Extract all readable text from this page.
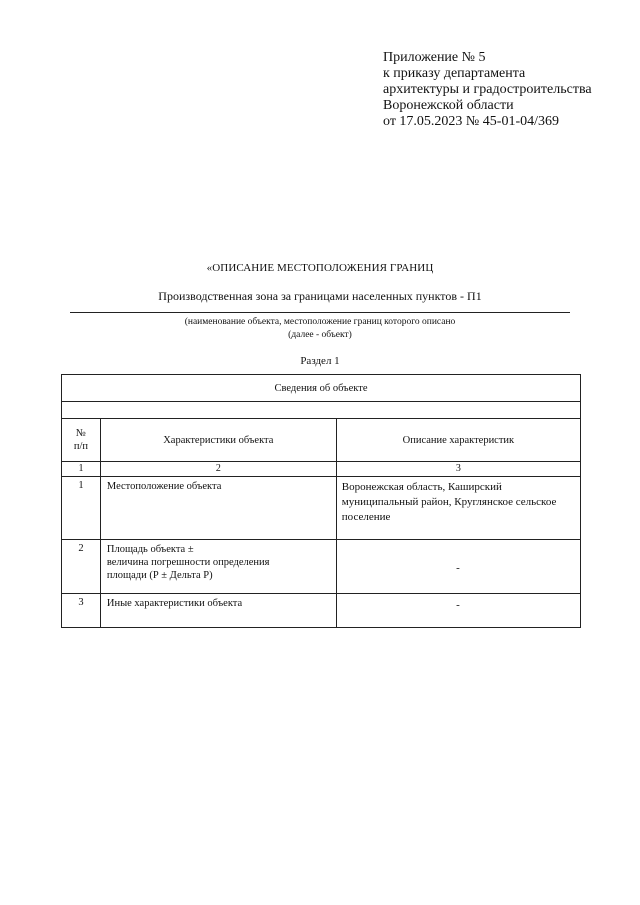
Приложение № 5
к приказу департамента
архитектуры и градостроительства
Воронежской области
от 17.05.2023 № 45-01-04/369
«ОПИСАНИЕ МЕСТОПОЛОЖЕНИЯ ГРАНИЦ
Производственная зона за границами населенных пунктов - П1
(наименование объекта, местоположение границ которого описано
(далее - объект)
Раздел 1
Сведения об объекте		

№
п/п	Характеристики объекта	Описание характеристик
1	2	3
1	Местоположение объекта	Воронежская область, Каширский муниципальный район, Круглянское сельское поселение
2	Площадь объекта ±
величина погрешности определения
площади (Р ± Дельта Р)	-
3	Иные характеристики объекта	-
